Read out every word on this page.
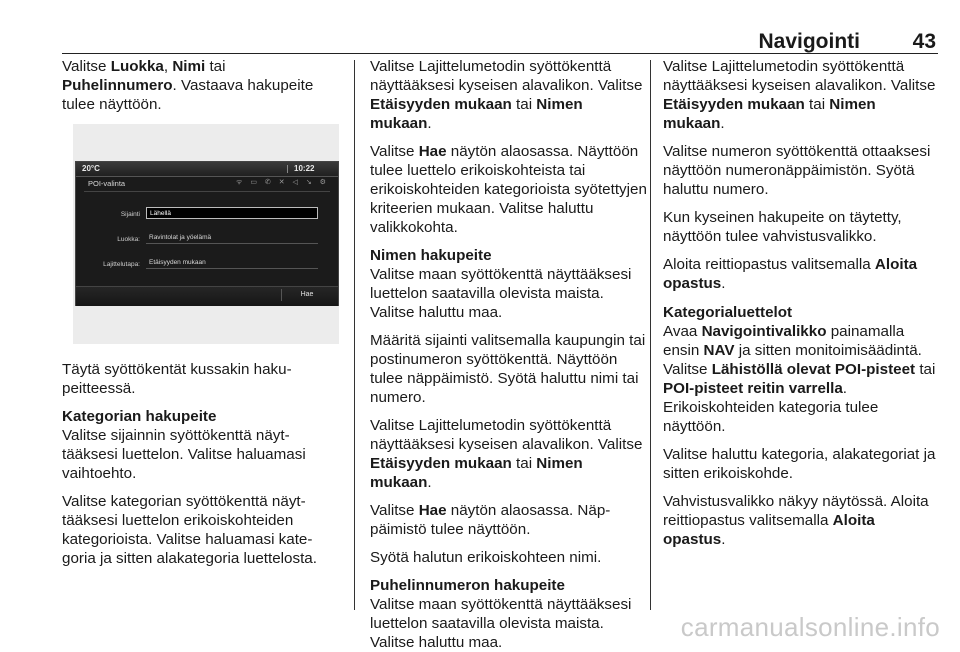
Navigointi	43

Valitse Luokka, Nimi tai
Puhelinnumero. Vastaava hakupeite tulee näyttöön.

20°C	10:22
POI-valinta	ᯤ ▭ ✆ ✕ ◁ ↘ ⚙
Sijainti	Lähellä
Luokka:	Ravintolat ja yöelämä
Lajittelutapa:	Etäisyyden mukaan
Hae

Täytä syöttökentät kussakin hakupeitteessä.

Kategorian hakupeite

Valitse sijainnin syöttökenttä näyttääksesi luettelon. Valitse haluamasi vaihtoehto.

Valitse kategorian syöttökenttä näyttääksesi luettelon erikoiskohteiden kategorioista. Valitse haluamasi kategoria ja sitten alakategoria luettelosta.

Valitse Lajittelumetodin syöttökenttä näyttääksesi kyseisen alavalikon. Valitse Etäisyyden mukaan tai Nimen mukaan.

Valitse Hae näytön alaosassa. Näyttöön tulee luettelo erikoiskohteista tai erikoiskohteiden kategorioista syötettyjen kriteerien mukaan. Valitse haluttu valikkokohta.

Nimen hakupeite

Valitse maan syöttökenttä näyttääksesi luettelon saatavilla olevista maista. Valitse haluttu maa.

Määritä sijainti valitsemalla kaupungin tai postinumeron syöttökenttä. Näyttöön tulee näppäimistö. Syötä haluttu nimi tai numero.

Valitse Lajittelumetodin syöttökenttä näyttääksesi kyseisen alavalikon. Valitse Etäisyyden mukaan tai Nimen mukaan.

Valitse Hae näytön alaosassa. Näppäimistö tulee näyttöön.

Syötä halutun erikoiskohteen nimi.

Puhelinnumeron hakupeite

Valitse maan syöttökenttä näyttääksesi luettelon saatavilla olevista maista. Valitse haluttu maa.

Valitse Lajittelumetodin syöttökenttä näyttääksesi kyseisen alavalikon. Valitse Etäisyyden mukaan tai Nimen mukaan.

Valitse numeron syöttökenttä ottaaksesi näyttöön numeronäppäimistön. Syötä haluttu numero.

Kun kyseinen hakupeite on täytetty, näyttöön tulee vahvistusvalikko.

Aloita reittiopastus valitsemalla Aloita opastus.

Kategorialuettelot

Avaa Navigointivalikko painamalla ensin NAV ja sitten monitoimisäädintä. Valitse Lähistöllä olevat POI-pisteet tai POI-pisteet reitin varrella. Erikoiskohteiden kategoria tulee näyttöön.

Valitse haluttu kategoria, alakategoriat ja sitten erikoiskohde.

Vahvistusvalikko näkyy näytössä. Aloita reittiopastus valitsemalla Aloita opastus.

carmanualsonline.info
